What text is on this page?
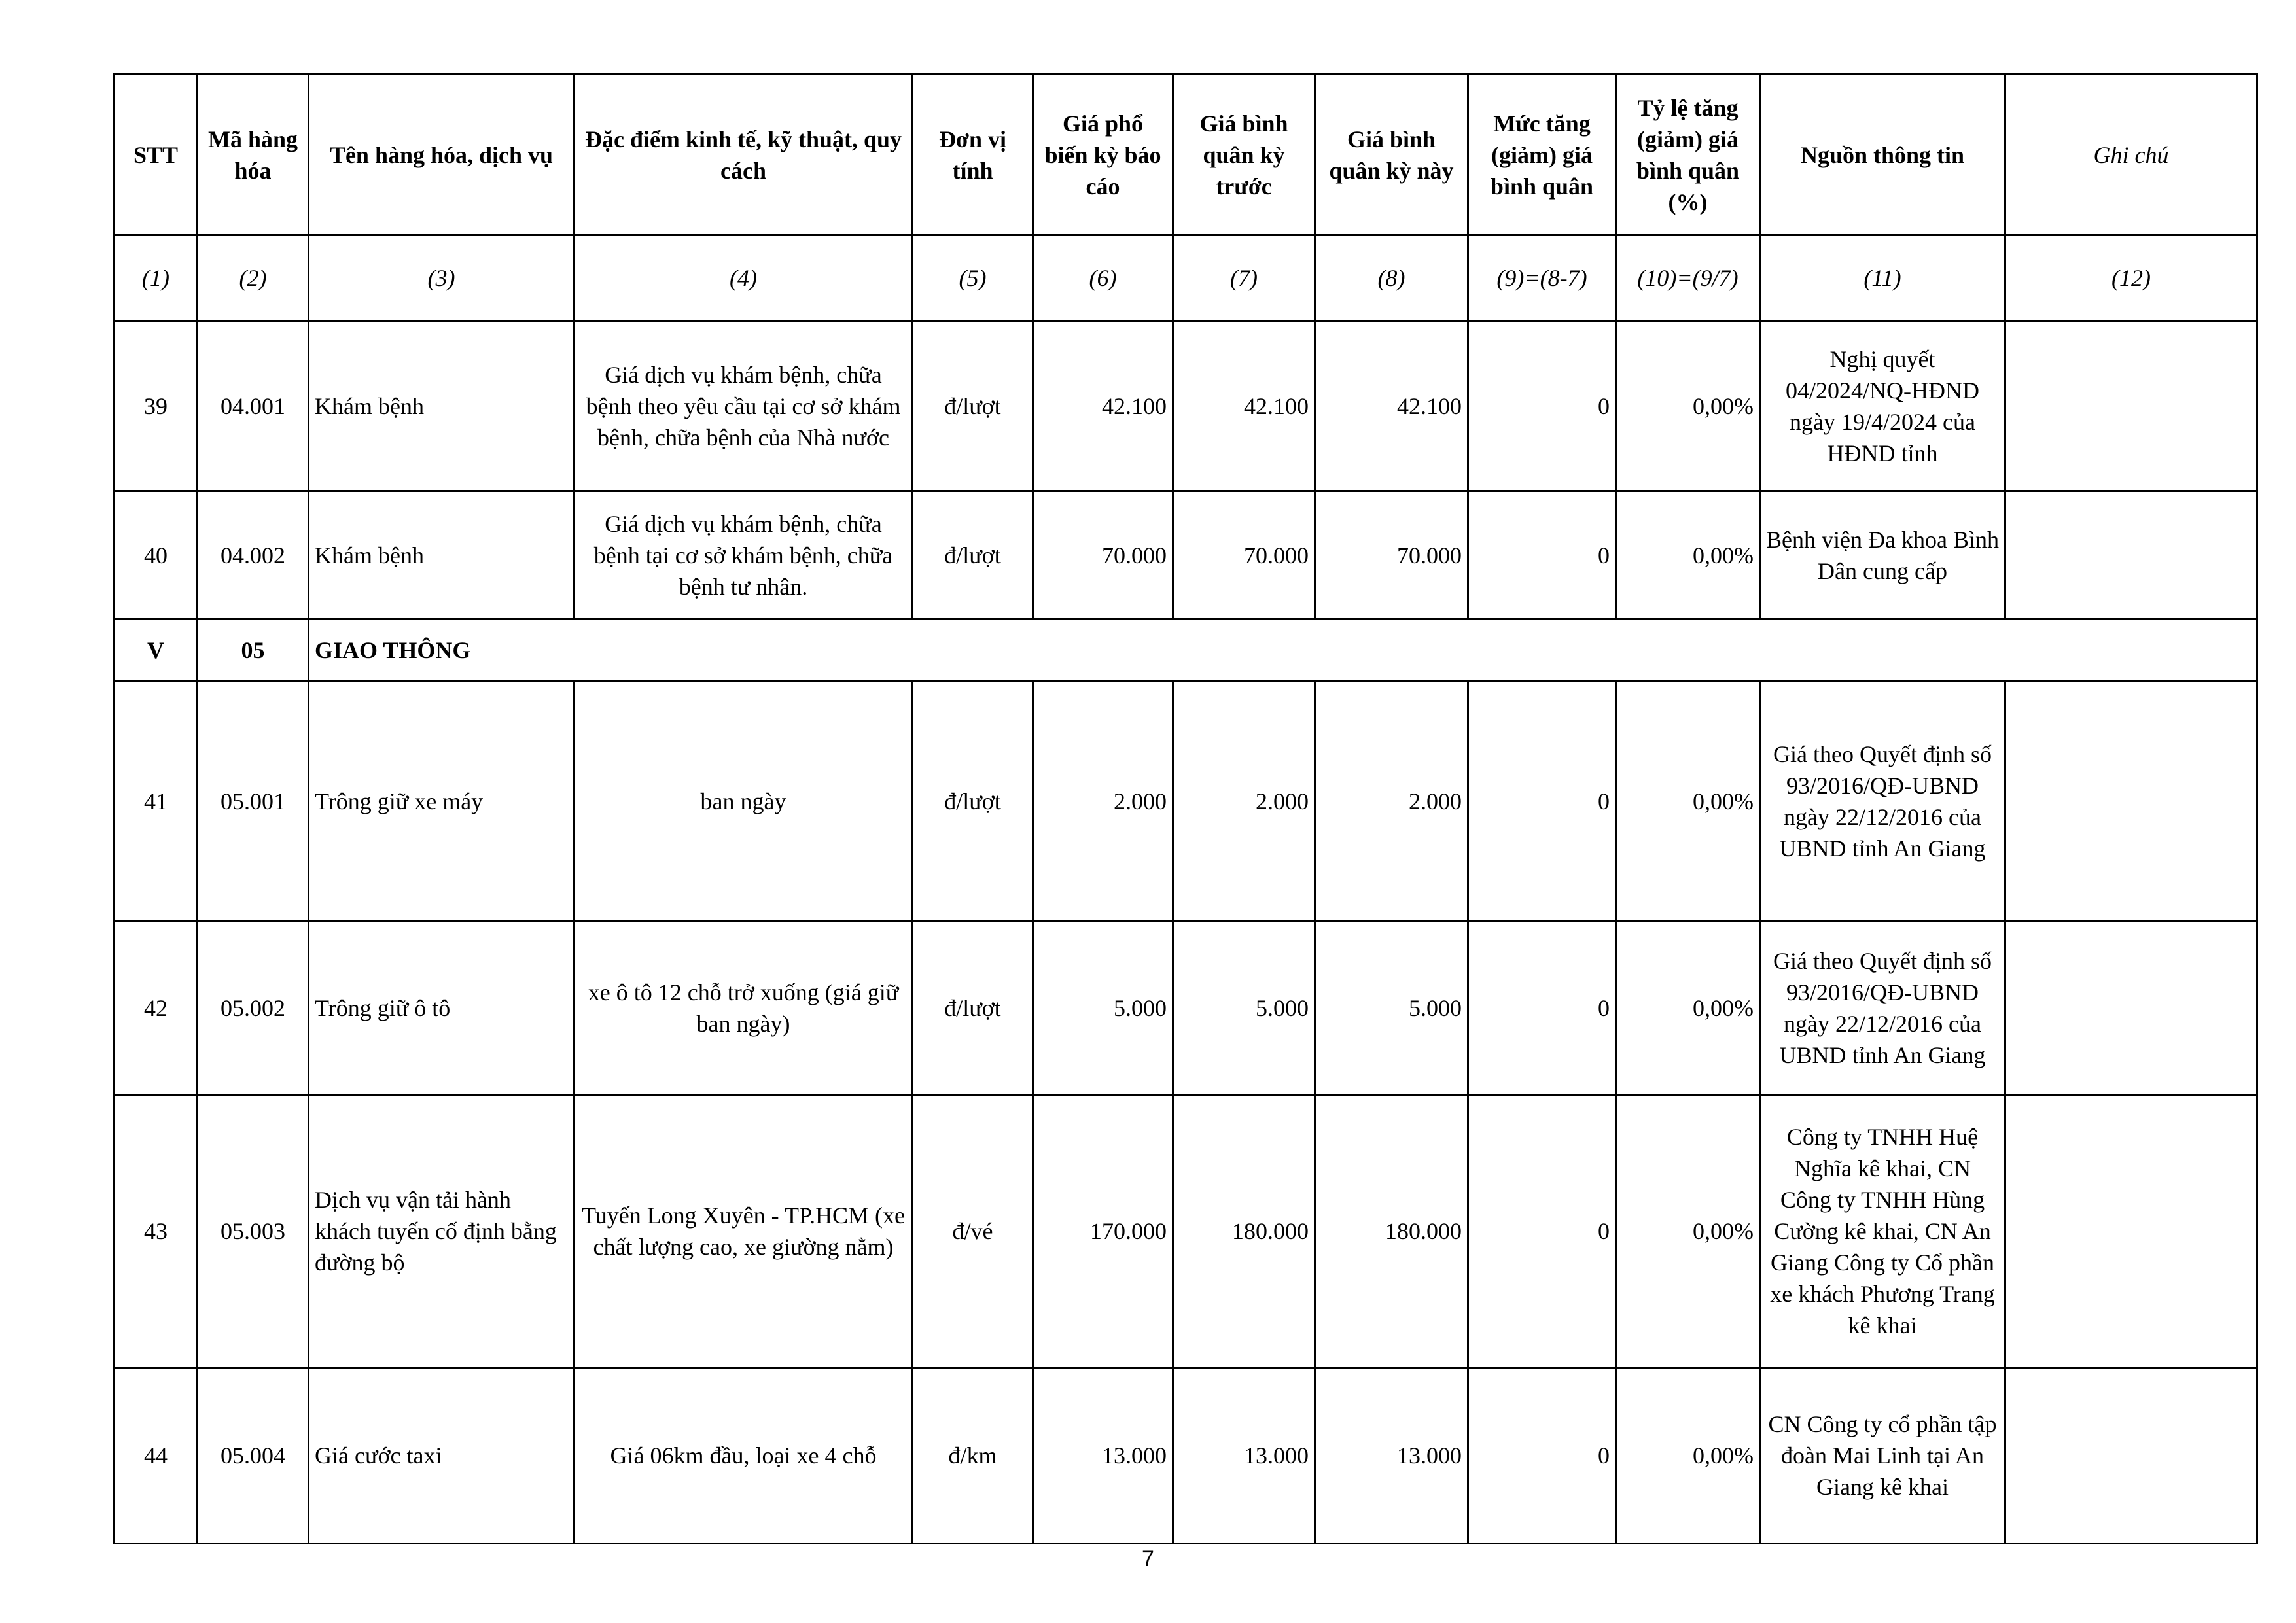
STT	Mã hàng hóa	Tên hàng hóa, dịch vụ	Đặc điểm kinh tế, kỹ thuật, quy cách	Đơn vị tính	Giá phổ biến kỳ báo cáo	Giá bình quân kỳ trước	Giá bình quân kỳ này	Mức tăng (giảm) giá bình quân	Tỷ lệ tăng (giảm) giá bình quân (%)	Nguồn thông tin	Ghi chú
(1)	(2)	(3)	(4)	(5)	(6)	(7)	(8)	(9)=(8-7)	(10)=(9/7)	(11)	(12)
39	04.001	Khám bệnh	Giá dịch vụ khám bệnh, chữa bệnh theo yêu cầu tại cơ sở khám bệnh, chữa bệnh của Nhà nước	đ/lượt	42.100	42.100	42.100	0	0,00%	Nghị quyết 04/2024/NQ-HĐND ngày 19/4/2024 của HĐND tỉnh	
40	04.002	Khám bệnh	Giá dịch vụ khám bệnh, chữa bệnh tại cơ sở khám bệnh, chữa bệnh tư nhân.	đ/lượt	70.000	70.000	70.000	0	0,00%	Bệnh viện Đa khoa Bình Dân cung cấp	
V	05	GIAO THÔNG									
41	05.001	Trông giữ xe máy	ban ngày	đ/lượt	2.000	2.000	2.000	0	0,00%	Giá theo Quyết định số 93/2016/QĐ-UBND ngày 22/12/2016 của UBND tỉnh An Giang	
42	05.002	Trông giữ ô tô	xe ô tô 12 chỗ trở xuống (giá giữ ban ngày)	đ/lượt	5.000	5.000	5.000	0	0,00%	Giá theo Quyết định số 93/2016/QĐ-UBND ngày 22/12/2016 của UBND tỉnh An Giang	
43	05.003	Dịch vụ vận tải hành khách tuyến cố định bằng đường bộ	Tuyến Long Xuyên - TP.HCM (xe chất lượng cao, xe giường nằm)	đ/vé	170.000	180.000	180.000	0	0,00%	Công ty TNHH Huệ Nghĩa kê khai, CN Công ty TNHH Hùng Cường kê khai, CN An Giang Công ty Cổ phần xe khách Phương Trang kê khai	
44	05.004	Giá cước taxi	Giá 06km đầu, loại xe 4 chỗ	đ/km	13.000	13.000	13.000	0	0,00%	CN Công ty cổ phần tập đoàn Mai Linh tại An Giang kê khai	
7
